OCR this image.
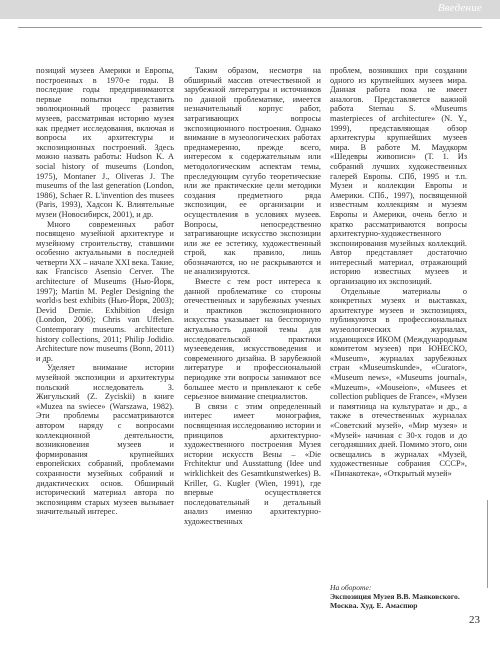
Введение

позиций музеев Америки и Европы, построенных в 1970-е годы. В последние годы предпринимаются первые попытки представить эволюционный процесс развития музеев, рассматривая историю музея как предмет исследования, включая и вопросы их архитектуры и экспозиционных построений. Здесь можно назвать работы: Hudson K. A social history of museums (London, 1975), Montaner J., Oliveras J. The museums of the last generation (London, 1986), Schaer R. L'invention des musees (Paris, 1993), Хадсон К. Влиятельные музеи (Новосибирск, 2001), и др.

Много современных работ посвящено музейной архитектуре и музейному строительству, ставшими особенно актуальными в последней четверти XX – начале XXI века. Такие, как Francisco Asensio Cerver. The architecture of Museums (Нью-Йорк, 1997); Martin M. Pegler Designing the world›s best exhibits (Нью-Йорк, 2003); Devid Dernie. Exhibition design (London, 2006); Chris van Uffelen. Contemporary museums. architecture history collections, 2011; Philip Jodidio. Architecture now museums (Bonn, 2011) и др.

Уделяет внимание истории музейной экспозиции и архитектуры польский исследователь З. Жигульский (Z. Zyciskii) в книге «Muzea na swiece» (Warszawa, 1982). Эти проблемы рассматриваются автором наряду с вопросами коллекционной деятельности, возникновения музеев и формирования крупнейших европейских собраний, проблемами сохранности музейных собраний и дидактических основ. Обширный исторический материал автора по экспозициям старых музеев вызывает значительный интерес.

Таким образом, несмотря на обширный массив отечественной и зарубежной литературы и источников по данной проблематике, имеется незначительный корпус работ, затрагивающих вопросы экспозиционного построения. Однако внимание в музеологических работах преднамеренно, прежде всего, интересом к содержательным или методологическим аспектам темы, преследующим сугубо теоретические или же практические цели методики создания предметного ряда экспозиции, ее организации и осуществления в условиях музеев. Вопросы, непосредственно затрагивающие искусство экспозиции или же ее эстетику, художественный строй, как правило, лишь обозначаются, но не раскрываются и не анализируются.

Вместе с тем рост интереса к данной проблематике со стороны отечественных и зарубежных ученых и практиков экспозиционного искусства указывает на бесспорную актуальность данной темы для исследовательской практики музееведения, искусствоведения и современного дизайна. В зарубежной литературе и профессиональной периодике эти вопросы занимают все большее место и привлекают к себе серьезное внимание специалистов.

В связи с этим определенный интерес имеет монография, посвященная исследованию истории и принципов архитектурно-художественного построения Музея истории искусств Вены – «Die Frchitektur und Ausstattung (Idee und wirklichkeit des Gesamtkunstwerkes) B. Kriller, G. Kugler (Wien, 1991), где впервые осуществляется последовательный и детальный анализ именно архитектурно-художественных

проблем, возникших при создании одного из крупнейших музеев мира. Данная работа пока не имеет аналогов. Представляется важной работа Sternau S. «Museums masterpieces of architecture» (N. Y., 1999), представляющая обзор архитектуры крупнейших музеев мира. В работе М. Маудкорм «Шедевры живописи» (Т. 1. Из собраний лучших художественных галерей Европы. СПб, 1995 и т.п. Музеи и коллекции Европы и Америки. СПб., 1997), посвященной известным коллекциям и музеям Европы и Америки, очень бегло и кратко рассматриваются вопросы архитектурно-художественного экспонирования музейных коллекций. Автор представляет достаточно интересный материал, отражающий историю известных музеев и организацию их экспозиций.

Отдельные материалы о конкретных музеях и выставках, архитектуре музеев и экспозициях, публикуются в профессиональных музеологических журналах, издающихся ИКОМ (Международным комитетом музеев) при ЮНЕСКО, «Museum», журналах зарубежных стран «Museumskunde», «Curator», «Museum news», «Museums journal», «Muzeum», «Mouseion», «Musees et collection publiques de France», «Музеи и памятница на культурата» и др., а также в отечественных журналах «Советский музей», «Мир музея» и «Музей» начиная с 30-х годов и до сегодняшних дней. Помимо этого, они освещались в журналах «Музей, художественные собрания СССР», «Пинакотека», «Открытый музей»

На обороте:
Экспозиция Музея В.В. Маяковского. Москва. Худ. Е. Амаспюр
23
